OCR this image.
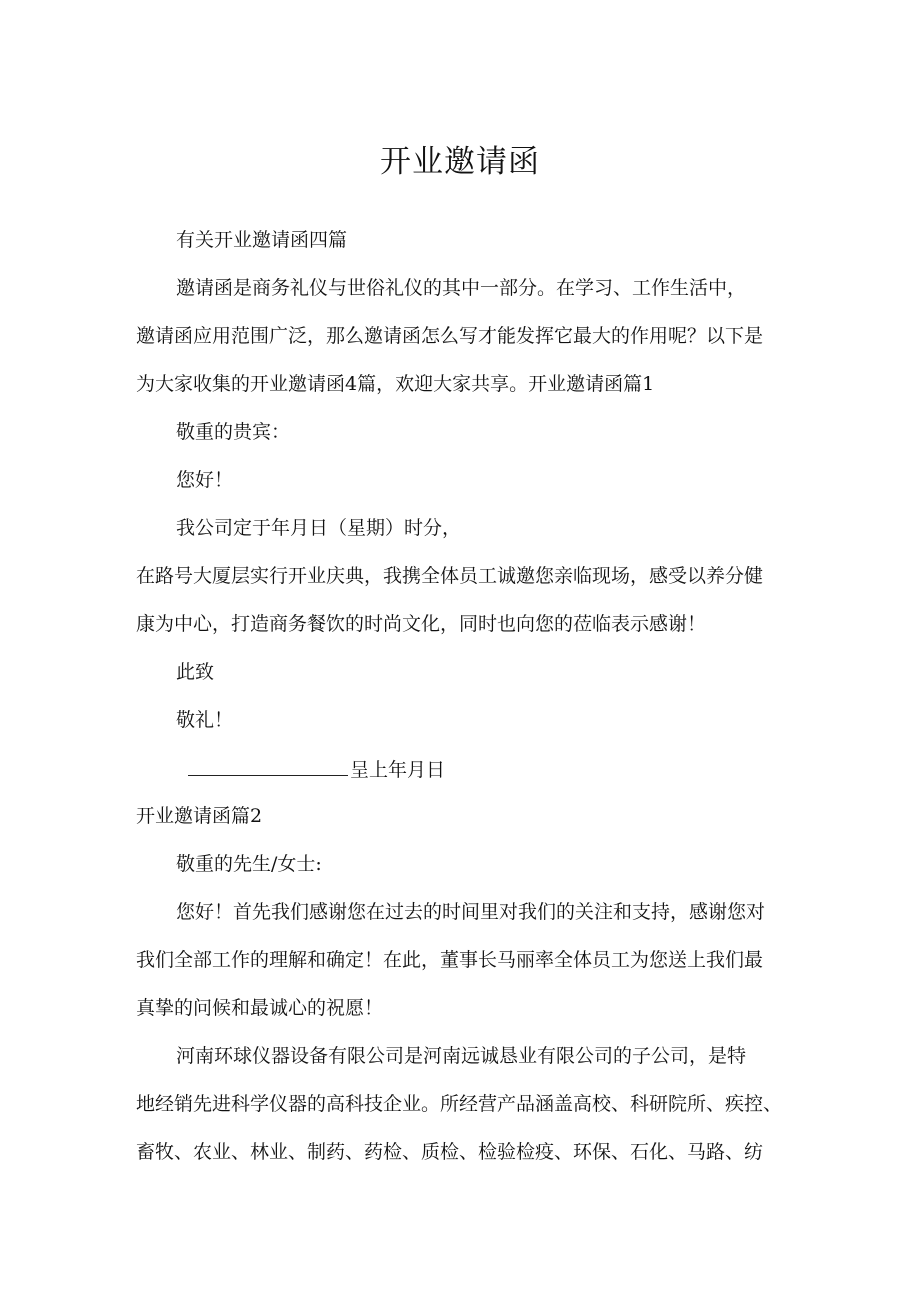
开业邀请函
有关开业邀请函四篇
邀请函是商务礼仪与世俗礼仪的其中一部分。在学习、工作生活中，
邀请函应用范围广泛，那么邀请函怎么写才能发挥它最大的作用呢？以下是
为大家收集的开业邀请函4篇，欢迎大家共享。开业邀请函篇1
敬重的贵宾：
您好！
我公司定于年月日（星期）时分，
在路号大厦层实行开业庆典，我携全体员工诚邀您亲临现场，感受以养分健
康为中心，打造商务餐饮的时尚文化，同时也向您的莅临表示感谢！
此致
敬礼！
呈上年月日
开业邀请函篇2
敬重的先生/女士:
您好！首先我们感谢您在过去的时间里对我们的关注和支持，感谢您对
我们全部工作的理解和确定！在此，董事长马丽率全体员工为您送上我们最
真挚的问候和最诚心的祝愿！
河南环球仪器设备有限公司是河南远诚恳业有限公司的子公司，是特
地经销先进科学仪器的高科技企业。所经营产品涵盖高校、科研院所、疾控、
畜牧、农业、林业、制药、药检、质检、检验检疫、环保、石化、马路、纺
